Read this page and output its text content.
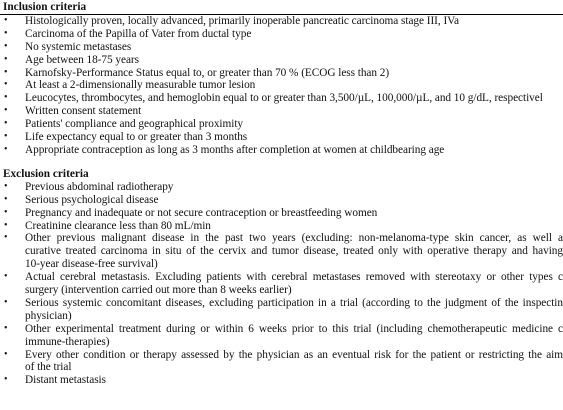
Inclusion criteria
• Histologically proven, locally advanced, primarily inoperable pancreatic carcinoma stage III, IVa
• Carcinoma of the Papilla of Vater from ductal type
• No systemic metastases
• Age between 18-75 years
• Karnofsky-Performance Status equal to, or greater than 70 % (ECOG less than 2)
• At least a 2-dimensionally measurable tumor lesion
• Leucocytes, thrombocytes, and hemoglobin equal to or greater than 3,500/µL, 100,000/µL, and 10 g/dL, respectivel
• Written consent statement
• Patients' compliance and geographical proximity
• Life expectancy equal to or greater than 3 months
• Appropriate contraception as long as 3 months after completion at women at childbearing age
Exclusion criteria
• Previous abdominal radiotherapy
• Serious psychological disease
• Pregnancy and inadequate or not secure contraception or breastfeeding women
• Creatinine clearance less than 80 mL/min
• Other previous malignant disease in the past two years (excluding: non-melanoma-type skin cancer, as well a
curative treated carcinoma in situ of the cervix and tumor disease, treated only with operative therapy and having
10-year disease-free survival)
• Actual cerebral metastasis. Excluding patients with cerebral metastases removed with stereotaxy or other types c
surgery (intervention carried out more than 8 weeks earlier)
• Serious systemic concomitant diseases, excluding participation in a trial (according to the judgment of the inspectin
physician)
• Other experimental treatment during or within 6 weeks prior to this trial (including chemotherapeutic medicine c
immune-therapies)
• Every other condition or therapy assessed by the physician as an eventual risk for the patient or restricting the aim
of the trial
• Distant metastasis
